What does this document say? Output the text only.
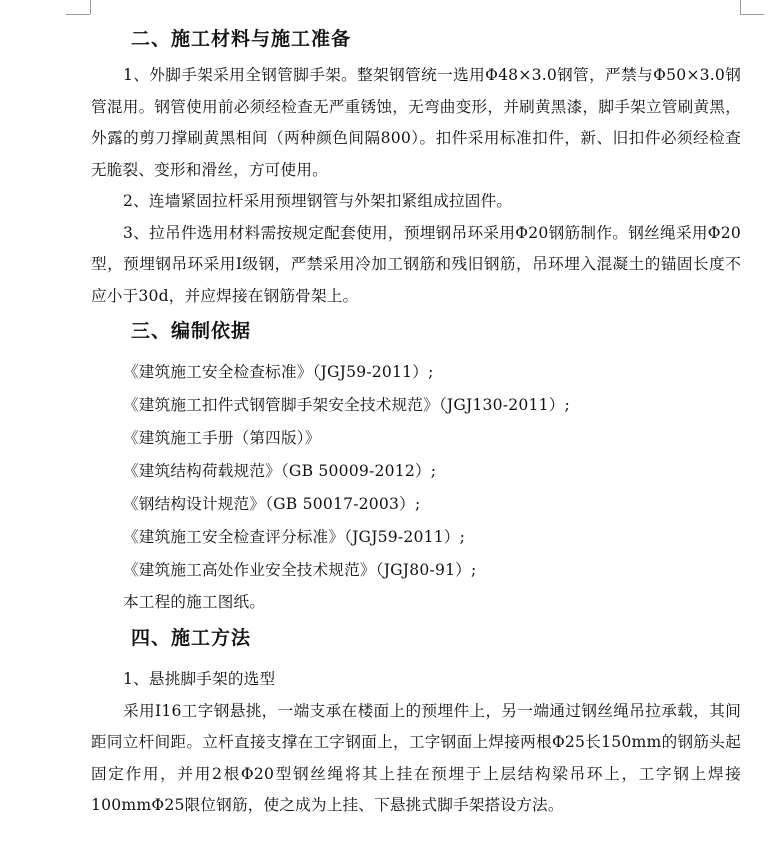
二、施工材料与施工准备

1、外脚手架采用全钢管脚手架。整架钢管统一选用Φ48×3.0钢管，严禁与Φ50×3.0钢管混用。钢管使用前必须经检查无严重锈蚀，无弯曲变形，并刷黄黑漆，脚手架立管刷黄黑，外露的剪刀撑刷黄黑相间（两种颜色间隔800）。扣件采用标准扣件，新、旧扣件必须经检查无脆裂、变形和滑丝，方可使用。

2、连墙紧固拉杆采用预埋钢管与外架扣紧组成拉固件。

3、拉吊件选用材料需按规定配套使用，预埋钢吊环采用Φ20钢筋制作。钢丝绳采用Φ20型，预埋钢吊环采用Ⅰ级钢，严禁采用冷加工钢筋和残旧钢筋，吊环埋入混凝土的锚固长度不应小于30d，并应焊接在钢筋骨架上。

三、编制依据
《建筑施工安全检查标准》（JGJ59-2011）;
《建筑施工扣件式钢管脚手架安全技术规范》（JGJ130-2011）;
《建筑施工手册（第四版）》
《建筑结构荷载规范》（GB 50009-2012）;
《钢结构设计规范》（GB 50017-2003）;
《建筑施工安全检查评分标准》（JGJ59-2011）;
《建筑施工高处作业安全技术规范》（JGJ80-91）;
本工程的施工图纸。
四、施工方法
1、悬挑脚手架的选型

采用I16工字钢悬挑，一端支承在楼面上的预埋件上，另一端通过钢丝绳吊拉承载，其间距同立杆间距。立杆直接支撑在工字钢面上，工字钢面上焊接两根Φ25长150mm的钢筋头起固定作用，并用2根Φ20型钢丝绳将其上挂在预埋于上层结构梁吊环上，工字钢上焊接100mmΦ25限位钢筋，使之成为上挂、下悬挑式脚手架搭设方法。
